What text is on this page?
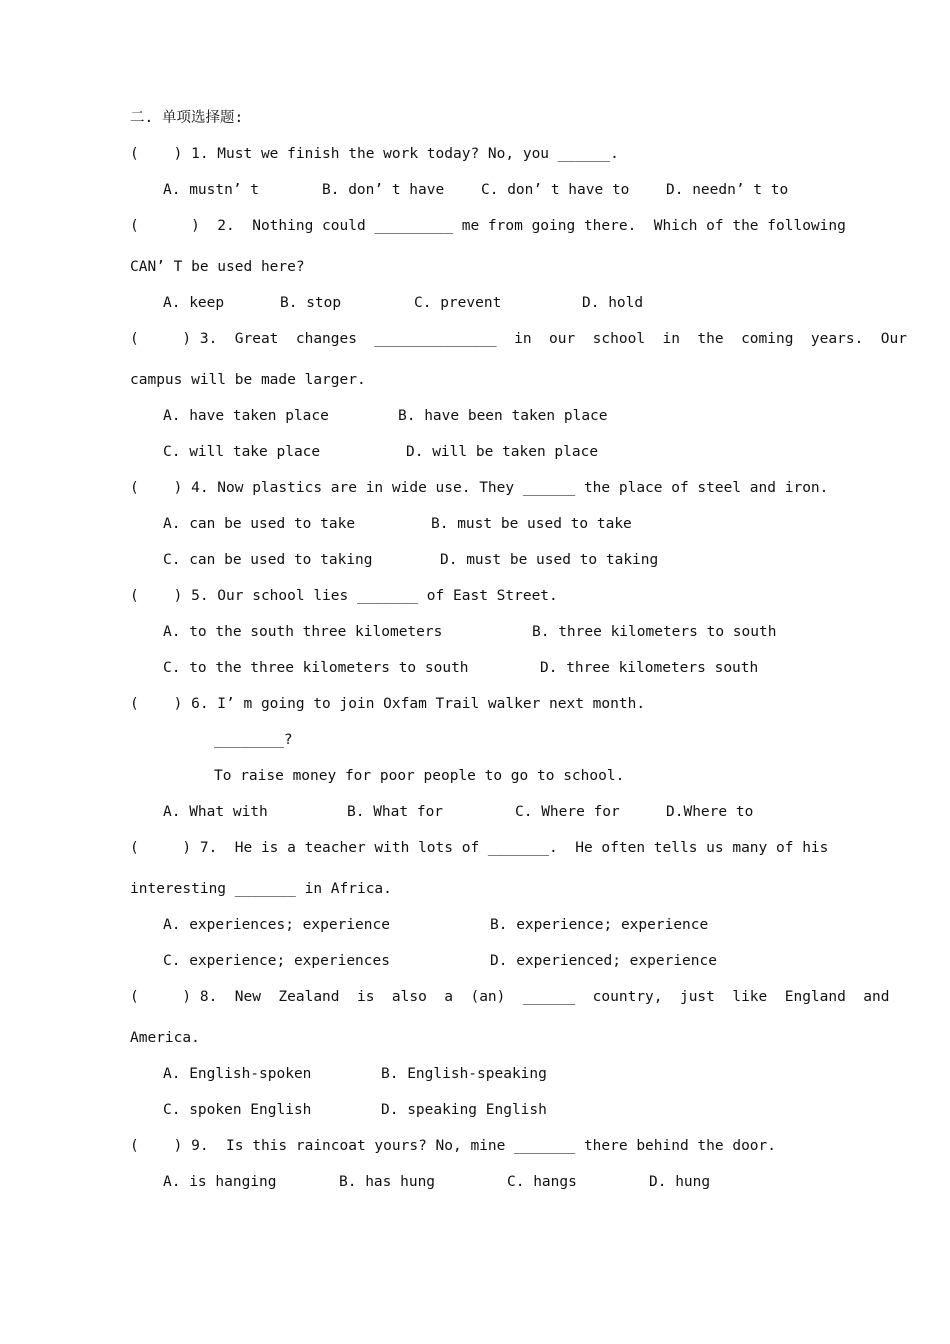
二. 单项选择题:
(    ) 1. Must we finish the work today? No, you ______.
A. mustn’ t	B. don’ t have	C. don’ t have to	D. needn’ t to
(      )  2.  Nothing could _________ me from going there.  Which of the following
CAN’ T be used here?
A. keep	B. stop	C. prevent	D. hold
(     ) 3.  Great  changes  ______________  in  our  school  in  the  coming  years.  Our
campus will be made larger.
A. have taken place	B. have been taken place
C. will take place	D. will be taken place
(    ) 4. Now plastics are in wide use. They ______ the place of steel and iron.
A. can be used to take	B. must be used to take
C. can be used to taking	D. must be used to taking
(    ) 5. Our school lies _______ of East Street.
A. to the south three kilometers	B. three kilometers to south
C. to the three kilometers to south	D. three kilometers south
(    ) 6. I’ m going to join Oxfam Trail walker next month.
________?
To raise money for poor people to go to school.
A. What with	B. What for	C. Where for	D.Where to
(     ) 7.  He is a teacher with lots of _______.  He often tells us many of his
interesting _______ in Africa.
A. experiences; experience	B. experience; experience
C. experience; experiences	D. experienced; experience
(     ) 8.  New  Zealand  is  also  a  (an)  ______  country,  just  like  England  and
America.
A. English-spoken	B. English-speaking
C. spoken English	D. speaking English
(    ) 9.  Is this raincoat yours? No, mine _______ there behind the door.
A. is hanging	B. has hung	C. hangs	D. hung
